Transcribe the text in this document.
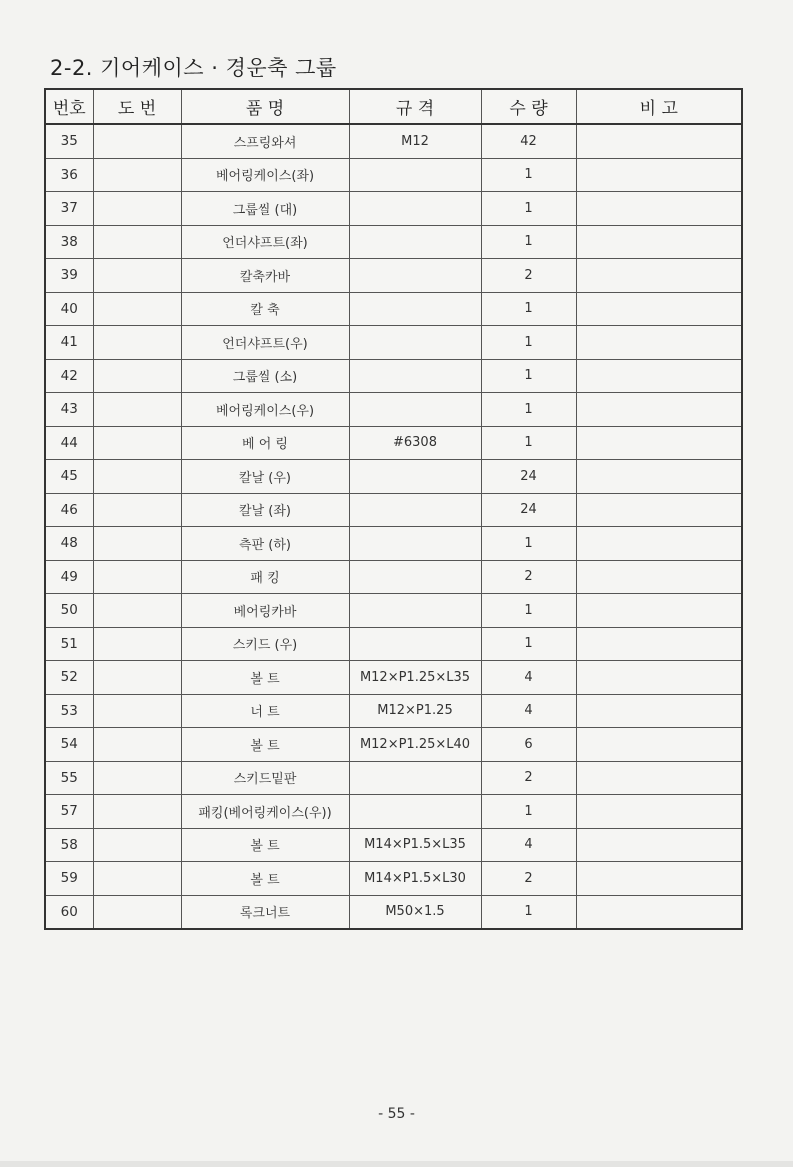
2-2. 기어케이스 · 경운축 그룹
번호	도 번	품 명	규 격	수 량	비 고
35		스프링와셔	M12	42	
36		베어링케이스(좌)		1	
37		그룹씰 (대)		1	
38		언더샤프트(좌)		1	
39		칼축카바		2	
40		칼 축		1	
41		언더샤프트(우)		1	
42		그룹씰 (소)		1	
43		베어링케이스(우)		1	
44		베 어 링	#6308	1	
45		칼날 (우)		24	
46		칼날 (좌)		24	
48		측판 (하)		1	
49		패 킹		2	
50		베어링카바		1	
51		스키드 (우)		1	
52		볼 트	M12×P1.25×L35	4	
53		너 트	M12×P1.25	4	
54		볼 트	M12×P1.25×L40	6	
55		스키드밑판		2	
57		패킹(베어링케이스(우))		1	
58		볼 트	M14×P1.5×L35	4	
59		볼 트	M14×P1.5×L30	2	
60		록크너트	M50×1.5	1	
- 55 -
